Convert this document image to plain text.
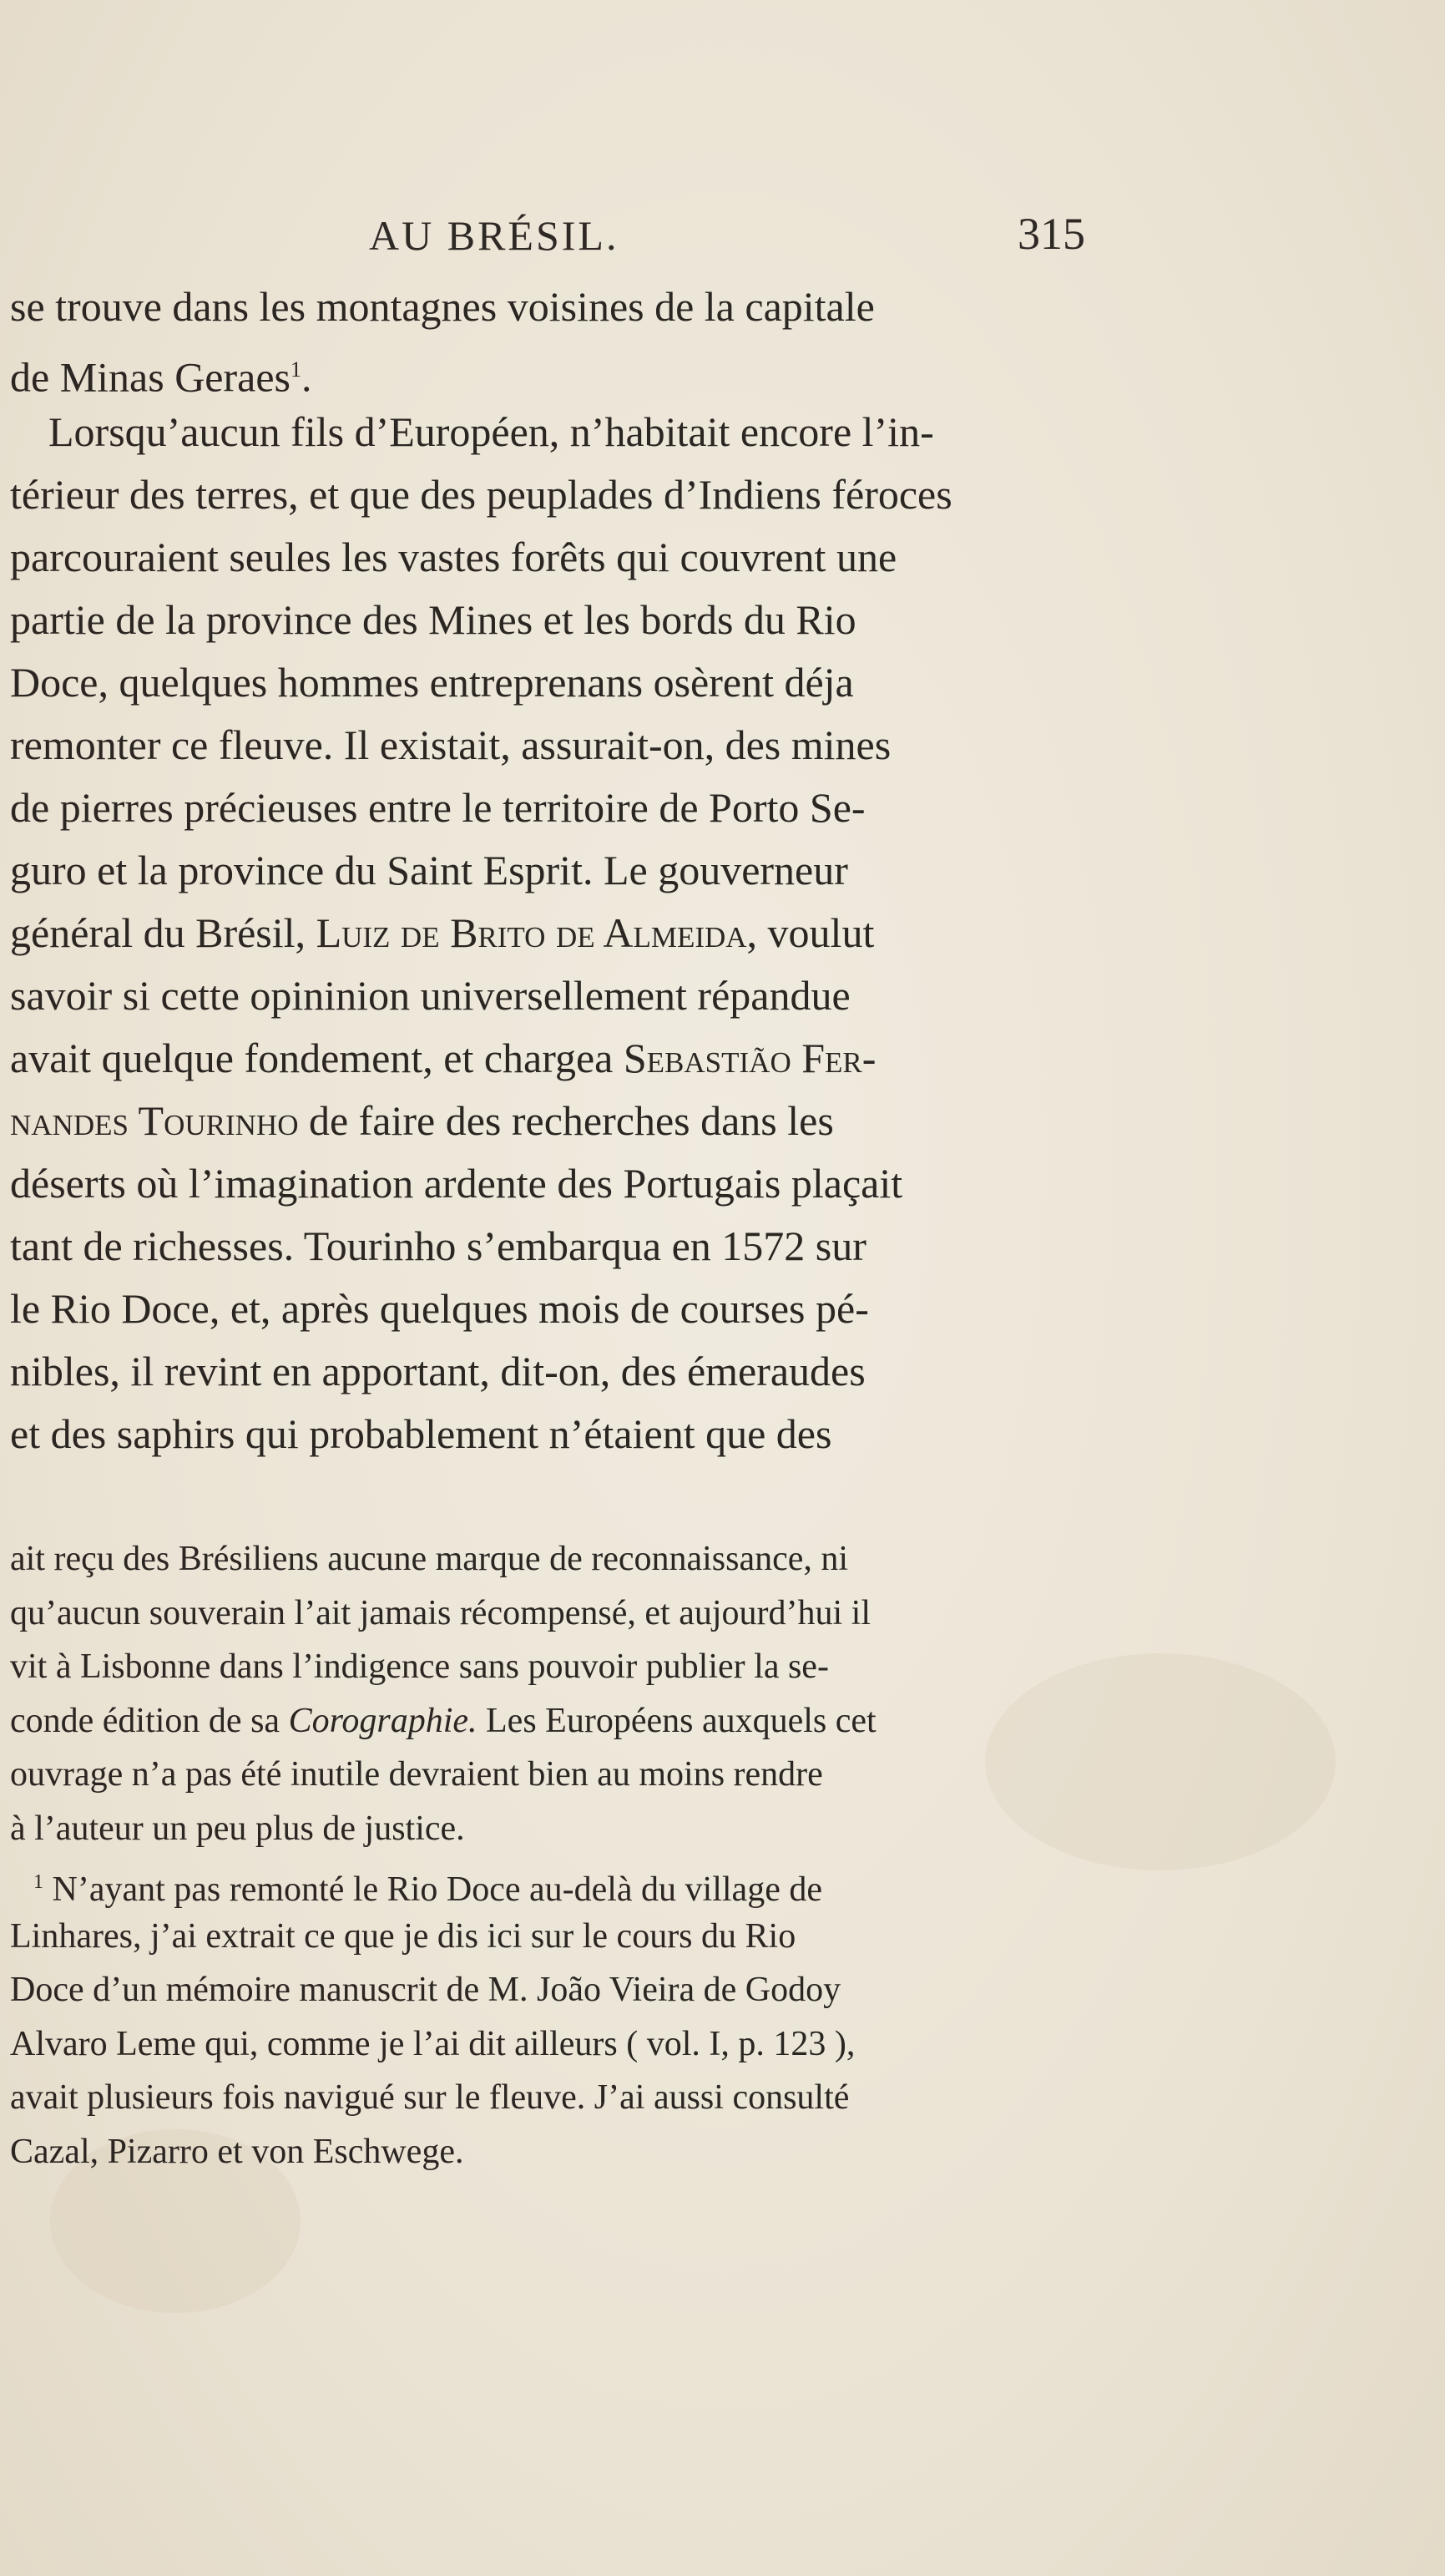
AU BRÉSIL.	315
se trouve dans les montagnes voisines de la capitale
de Minas Geraes$^1$.
Lorsqu’aucun fils d’Européen, n’habitait encore l’in-
térieur des terres, et que des peuplades d’Indiens féroces
parcouraient seules les vastes forêts qui couvrent une
partie de la province des Mines et les bords du Rio
Doce, quelques hommes entreprenans osèrent déja
remonter ce fleuve. Il existait, assurait-on, des mines
de pierres précieuses entre le territoire de Porto Se-
guro et la province du Saint Esprit. Le gouverneur
général du Brésil, Luiz de Brito de Almeida, voulut
savoir si cette opininion universellement répandue
avait quelque fondement, et chargea Sebastião Fer-
nandes Tourinho de faire des recherches dans les
déserts où l’imagination ardente des Portugais plaçait
tant de richesses. Tourinho s’embarqua en 1572 sur
le Rio Doce, et, après quelques mois de courses pé-
nibles, il revint en apportant, dit-on, des émeraudes
et des saphirs qui probablement n’étaient que des
ait reçu des Brésiliens aucune marque de reconnaissance, ni
qu’aucun souverain l’ait jamais récompensé, et aujourd’hui il
vit à Lisbonne dans l’indigence sans pouvoir publier la se-
conde édition de sa Corographie. Les Européens auxquels cet
ouvrage n’a pas été inutile devraient bien au moins rendre
à l’auteur un peu plus de justice.
$^1$ N’ayant pas remonté le Rio Doce au-delà du village de
Linhares, j’ai extrait ce que je dis ici sur le cours du Rio
Doce d’un mémoire manuscrit de M. João Vieira de Godoy
Alvaro Leme qui, comme je l’ai dit ailleurs ( vol. I, p. 123 ),
avait plusieurs fois navigué sur le fleuve. J’ai aussi consulté
Cazal, Pizarro et von Eschwege.
